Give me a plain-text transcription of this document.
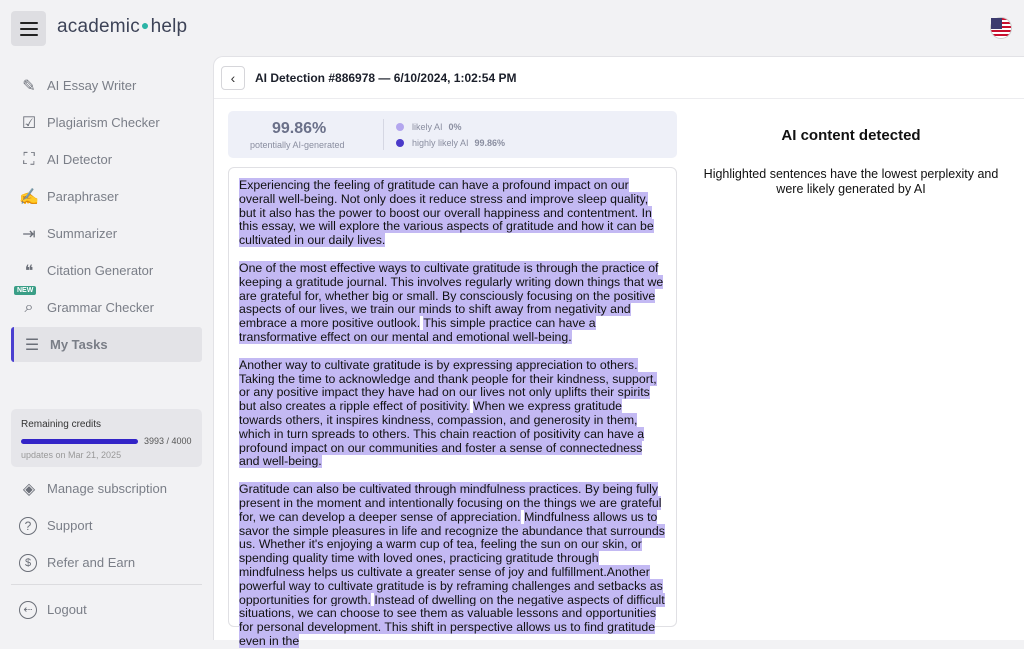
academic●help
✎ AI Essay Writer
☑ Plagiarism Checker
⛶ AI Detector
✍ Paraphraser
⇥ Summarizer
❝	Citation Generator
NEW
⌕	Grammar Checker
☰ My Tasks
Remaining credits
3993 / 4000
updates on Mar 21, 2025
◈ Manage subscription
?	Support
$	Refer and Earn
⇠	Logout
‹ AI Detection #886978 — 6/10/2024, 1:02:54 PM
99.86%
potentially AI-generated
likely AI 0%
highly likely AI 99.86%

Experiencing the feeling of gratitude can have a profound impact on our overall well-being. Not only does it reduce stress and improve sleep quality, but it also has the power to boost our overall happiness and contentment. In this essay, we will explore the various aspects of gratitude and how it can be cultivated in our daily lives.

One of the most effective ways to cultivate gratitude is through the practice of keeping a gratitude journal. This involves regularly writing down things that we are grateful for, whether big or small. By consciously focusing on the positive aspects of our lives, we train our minds to shift away from negativity and embrace a more positive outlook. This simple practice can have a transformative effect on our mental and emotional well-being.

Another way to cultivate gratitude is by expressing appreciation to others. Taking the time to acknowledge and thank people for their kindness, support, or any positive impact they have had on our lives not only uplifts their spirits but also creates a ripple effect of positivity. When we express gratitude towards others, it inspires kindness, compassion, and generosity in them, which in turn spreads to others. This chain reaction of positivity can have a profound impact on our communities and foster a sense of connectedness and well-being.

Gratitude can also be cultivated through mindfulness practices. By being fully present in the moment and intentionally focusing on the things we are grateful for, we can develop a deeper sense of appreciation. Mindfulness allows us to savor the simple pleasures in life and recognize the abundance that surrounds us. Whether it's enjoying a warm cup of tea, feeling the sun on our skin, or spending quality time with loved ones, practicing gratitude through mindfulness helps us cultivate a greater sense of joy and fulfillment.Another powerful way to cultivate gratitude is by reframing challenges and setbacks as opportunities for growth. Instead of dwelling on the negative aspects of difficult situations, we can choose to see them as valuable lessons and opportunities for personal development. This shift in perspective allows us to find gratitude even in the

AI content detected
Highlighted sentences have the lowest perplexity and were likely generated by AI
